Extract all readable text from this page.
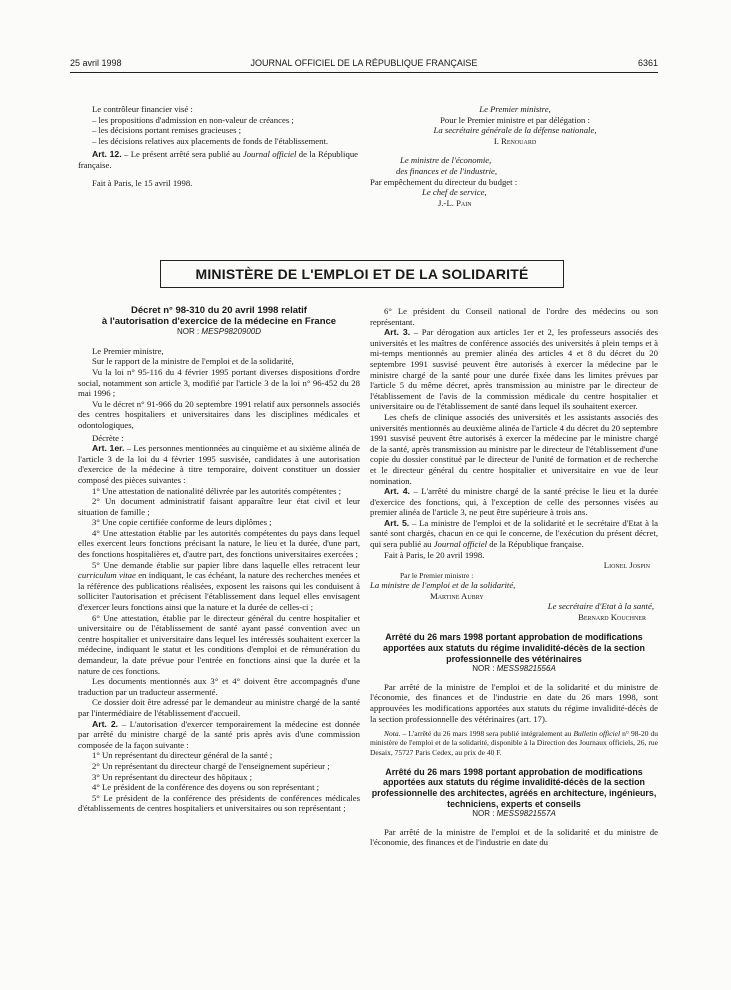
25 avril 1998	JOURNAL OFFICIEL DE LA RÉPUBLIQUE FRANÇAISE	6361

Le contrôleur financier visé :

– les propositions d'admission en non-valeur de créances ;

– les décisions portant remises gracieuses ;

– les décisions relatives aux placements de fonds de l'établissement.

Art. 12. – Le présent arrêté sera publié au Journal officiel de la République française.

Fait à Paris, le 15 avril 1998.

Le Premier ministre,

Pour le Premier ministre et par délégation :

La secrétaire générale de la défense nationale,

I. Renouard

Le ministre de l'économie,

des finances et de l'industrie,

Par empêchement du directeur du budget :

Le chef de service,

J.-L. Pain

MINISTÈRE DE L'EMPLOI ET DE LA SOLIDARITÉ

Décret n° 98-310 du 20 avril 1998 relatif

à l'autorisation d'exercice de la médecine en France

NOR : MESP9820900D

Le Premier ministre,

Sur le rapport de la ministre de l'emploi et de la solidarité,

Vu la loi n° 95-116 du 4 février 1995 portant diverses dispositions d'ordre social, notamment son article 3, modifié par l'article 3 de la loi n° 96-452 du 28 mai 1996 ;

Vu le décret n° 91-966 du 20 septembre 1991 relatif aux personnels associés des centres hospitaliers et universitaires dans les disciplines médicales et odontologiques,

Décrète :

Art. 1er. – Les personnes mentionnées au cinquième et au sixième alinéa de l'article 3 de la loi du 4 février 1995 susvisée, candidates à une autorisation d'exercice de la médecine à titre temporaire, doivent constituer un dossier composé des pièces suivantes :

1° Une attestation de nationalité délivrée par les autorités compétentes ;

2° Un document administratif faisant apparaître leur état civil et leur situation de famille ;

3° Une copie certifiée conforme de leurs diplômes ;

4° Une attestation établie par les autorités compétentes du pays dans lequel elles exercent leurs fonctions précisant la nature, le lieu et la durée, d'une part, des fonctions hospitalières et, d'autre part, des fonctions universitaires exercées ;

5° Une demande établie sur papier libre dans laquelle elles retracent leur curriculum vitae en indiquant, le cas échéant, la nature des recherches menées et la référence des publications réalisées, exposent les raisons qui les conduisent à solliciter l'autorisation et précisent l'établissement dans lequel elles envisagent d'exercer leurs fonctions ainsi que la nature et la durée de celles-ci ;

6° Une attestation, établie par le directeur général du centre hospitalier et universitaire ou de l'établissement de santé ayant passé convention avec un centre hospitalier et universitaire dans lequel les intéressés souhaitent exercer la médecine, indiquant le statut et les conditions d'emploi et de rémunération du demandeur, la date prévue pour l'entrée en fonctions ainsi que la durée et la nature de ces fonctions.

Les documents mentionnés aux 3° et 4° doivent être accompagnés d'une traduction par un traducteur assermenté.

Ce dossier doit être adressé par le demandeur au ministre chargé de la santé par l'intermédiaire de l'établissement d'accueil.

Art. 2. – L'autorisation d'exercer temporairement la médecine est donnée par arrêté du ministre chargé de la santé pris après avis d'une commission composée de la façon suivante :

1° Un représentant du directeur général de la santé ;

2° Un représentant du directeur chargé de l'enseignement supérieur ;

3° Un représentant du directeur des hôpitaux ;

4° Le président de la conférence des doyens ou son représentant ;

5° Le président de la conférence des présidents de conférences médicales d'établissements de centres hospitaliers et universitaires ou son représentant ;

6° Le président du Conseil national de l'ordre des médecins ou son représentant.

Art. 3. – Par dérogation aux articles 1er et 2, les professeurs associés des universités et les maîtres de conférence associés des universités à plein temps et à mi-temps mentionnés au premier alinéa des articles 4 et 8 du décret du 20 septembre 1991 susvisé peuvent être autorisés à exercer la médecine par le ministre chargé de la santé pour une durée fixée dans les limites prévues par l'article 5 du même décret, après transmission au ministre par le directeur de l'établissement de l'avis de la commission médicale du centre hospitalier et universitaire ou de l'établissement de santé dans lequel ils souhaitent exercer.

Les chefs de clinique associés des universités et les assistants associés des universités mentionnés au deuxième alinéa de l'article 4 du décret du 20 septembre 1991 susvisé peuvent être autorisés à exercer la médecine par le ministre chargé de la santé, après transmission au ministre par le directeur de l'établissement d'une copie du dossier constitué par le directeur de l'unité de formation et de recherche et le directeur général du centre hospitalier et universitaire en vue de leur nomination.

Art. 4. – L'arrêté du ministre chargé de la santé précise le lieu et la durée d'exercice des fonctions, qui, à l'exception de celle des personnes visées au premier alinéa de l'article 3, ne peut être supérieure à trois ans.

Art. 5. – La ministre de l'emploi et de la solidarité et le secrétaire d'Etat à la santé sont chargés, chacun en ce qui le concerne, de l'exécution du présent décret, qui sera publié au Journal officiel de la République française.

Fait à Paris, le 20 avril 1998.

Lionel Jospin

Par le Premier ministre :

La ministre de l'emploi et de la solidarité,

Martine Aubry

Le secrétaire d'Etat à la santé,

Bernard Kouchner

Arrêté du 26 mars 1998 portant approbation de modifications apportées aux statuts du régime invalidité-décès de la section professionnelle des vétérinaires

NOR : MESS9821556A

Par arrêté de la ministre de l'emploi et de la solidarité et du ministre de l'économie, des finances et de l'industrie en date du 26 mars 1998, sont approuvées les modifications apportées aux statuts du régime invalidité-décès de la section professionnelle des vétérinaires (art. 17).

Nota. – L'arrêté du 26 mars 1998 sera publié intégralement au Bulletin officiel n° 98-20 du ministère de l'emploi et de la solidarité, disponible à la Direction des Journaux officiels, 26, rue Desaix, 75727 Paris Cedex, au prix de 40 F.

Arrêté du 26 mars 1998 portant approbation de modifications apportées aux statuts du régime invalidité-décès de la section professionnelle des architectes, agréés en architecture, ingénieurs, techniciens, experts et conseils

NOR : MESS9821557A

Par arrêté de la ministre de l'emploi et de la solidarité et du ministre de l'économie, des finances et de l'industrie en date du
